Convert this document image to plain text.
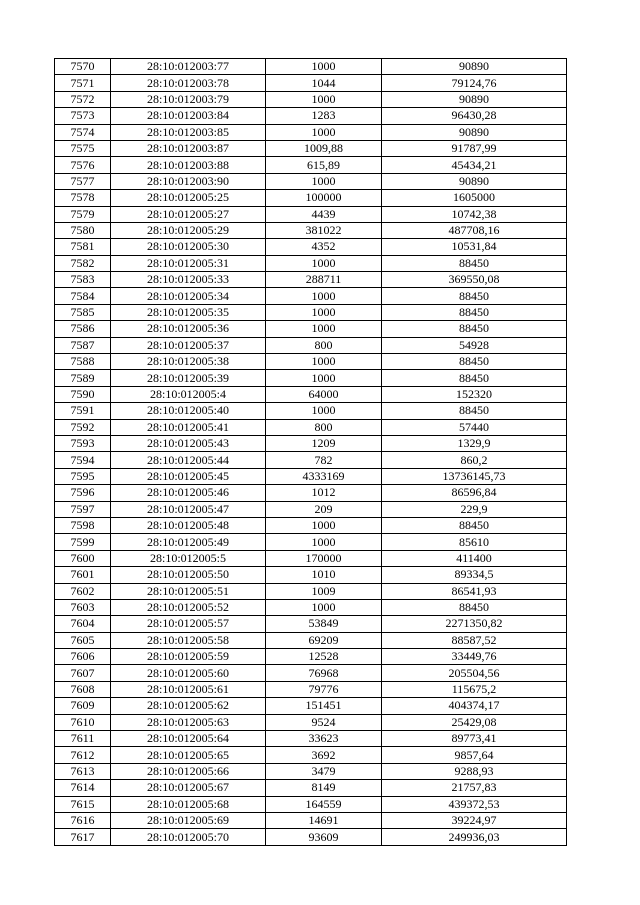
7570	28:10:012003:77	1000	90890
7571	28:10:012003:78	1044	79124,76
7572	28:10:012003:79	1000	90890
7573	28:10:012003:84	1283	96430,28
7574	28:10:012003:85	1000	90890
7575	28:10:012003:87	1009,88	91787,99
7576	28:10:012003:88	615,89	45434,21
7577	28:10:012003:90	1000	90890
7578	28:10:012005:25	100000	1605000
7579	28:10:012005:27	4439	10742,38
7580	28:10:012005:29	381022	487708,16
7581	28:10:012005:30	4352	10531,84
7582	28:10:012005:31	1000	88450
7583	28:10:012005:33	288711	369550,08
7584	28:10:012005:34	1000	88450
7585	28:10:012005:35	1000	88450
7586	28:10:012005:36	1000	88450
7587	28:10:012005:37	800	54928
7588	28:10:012005:38	1000	88450
7589	28:10:012005:39	1000	88450
7590	28:10:012005:4	64000	152320
7591	28:10:012005:40	1000	88450
7592	28:10:012005:41	800	57440
7593	28:10:012005:43	1209	1329,9
7594	28:10:012005:44	782	860,2
7595	28:10:012005:45	4333169	13736145,73
7596	28:10:012005:46	1012	86596,84
7597	28:10:012005:47	209	229,9
7598	28:10:012005:48	1000	88450
7599	28:10:012005:49	1000	85610
7600	28:10:012005:5	170000	411400
7601	28:10:012005:50	1010	89334,5
7602	28:10:012005:51	1009	86541,93
7603	28:10:012005:52	1000	88450
7604	28:10:012005:57	53849	2271350,82
7605	28:10:012005:58	69209	88587,52
7606	28:10:012005:59	12528	33449,76
7607	28:10:012005:60	76968	205504,56
7608	28:10:012005:61	79776	115675,2
7609	28:10:012005:62	151451	404374,17
7610	28:10:012005:63	9524	25429,08
7611	28:10:012005:64	33623	89773,41
7612	28:10:012005:65	3692	9857,64
7613	28:10:012005:66	3479	9288,93
7614	28:10:012005:67	8149	21757,83
7615	28:10:012005:68	164559	439372,53
7616	28:10:012005:69	14691	39224,97
7617	28:10:012005:70	93609	249936,03
